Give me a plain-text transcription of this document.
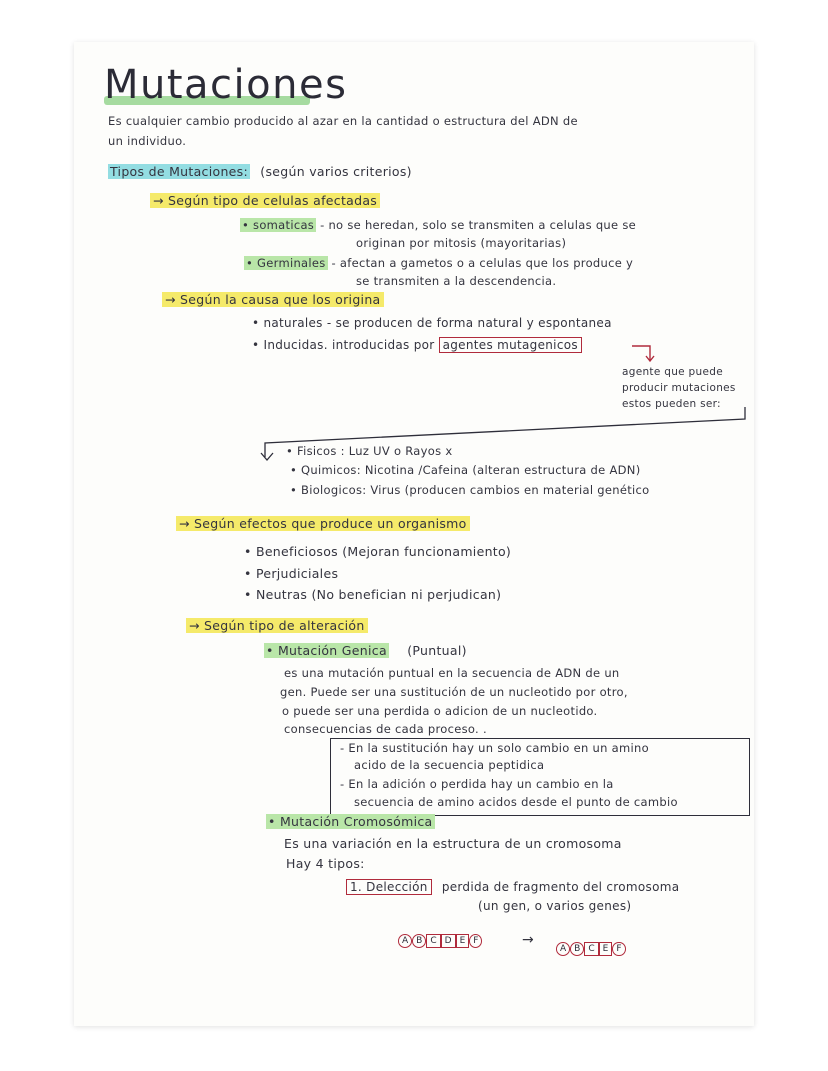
Mutaciones
Es cualquier cambio producido al azar en la cantidad o estructura del ADN de
un individuo.
Tipos de Mutaciones: (según varios criterios)
→ Según tipo de celulas afectadas
• somaticas - no se heredan, solo se transmiten a celulas que se
originan por mitosis (mayoritarias)
• Germinales - afectan a gametos o a celulas que los produce y
se transmiten a la descendencia.
→ Según la causa que los origina
• naturales - se producen de forma natural y espontanea
• Inducidas. introducidas por agentes mutagenicos
agente que puede
producir mutaciones
estos pueden ser:
• Fisicos : Luz UV o Rayos x
• Quimicos: Nicotina /Cafeina (alteran estructura de ADN)
• Biologicos: Virus (producen cambios en material genético
→ Según efectos que produce un organismo
• Beneficiosos (Mejoran funcionamiento)
• Perjudiciales
• Neutras (No benefician ni perjudican)
→ Según tipo de alteración
• Mutación Genica (Puntual)
es una mutación puntual en la secuencia de ADN de un
gen. Puede ser una sustitución de un nucleotido por otro,
o puede ser una perdida o adicion de un nucleotido.
consecuencias de cada proceso. .
- En la sustitución hay un solo cambio en un amino
acido de la secuencia peptidica
- En la adición o perdida hay un cambio en la
secuencia de amino acidos desde el punto de cambio
• Mutación Cromosómica
Es una variación en la estructura de un cromosoma
Hay 4 tipos:
1. Delección perdida de fragmento del cromosoma
(un gen, o varios genes)
A B C D E F	→
A B C E F
